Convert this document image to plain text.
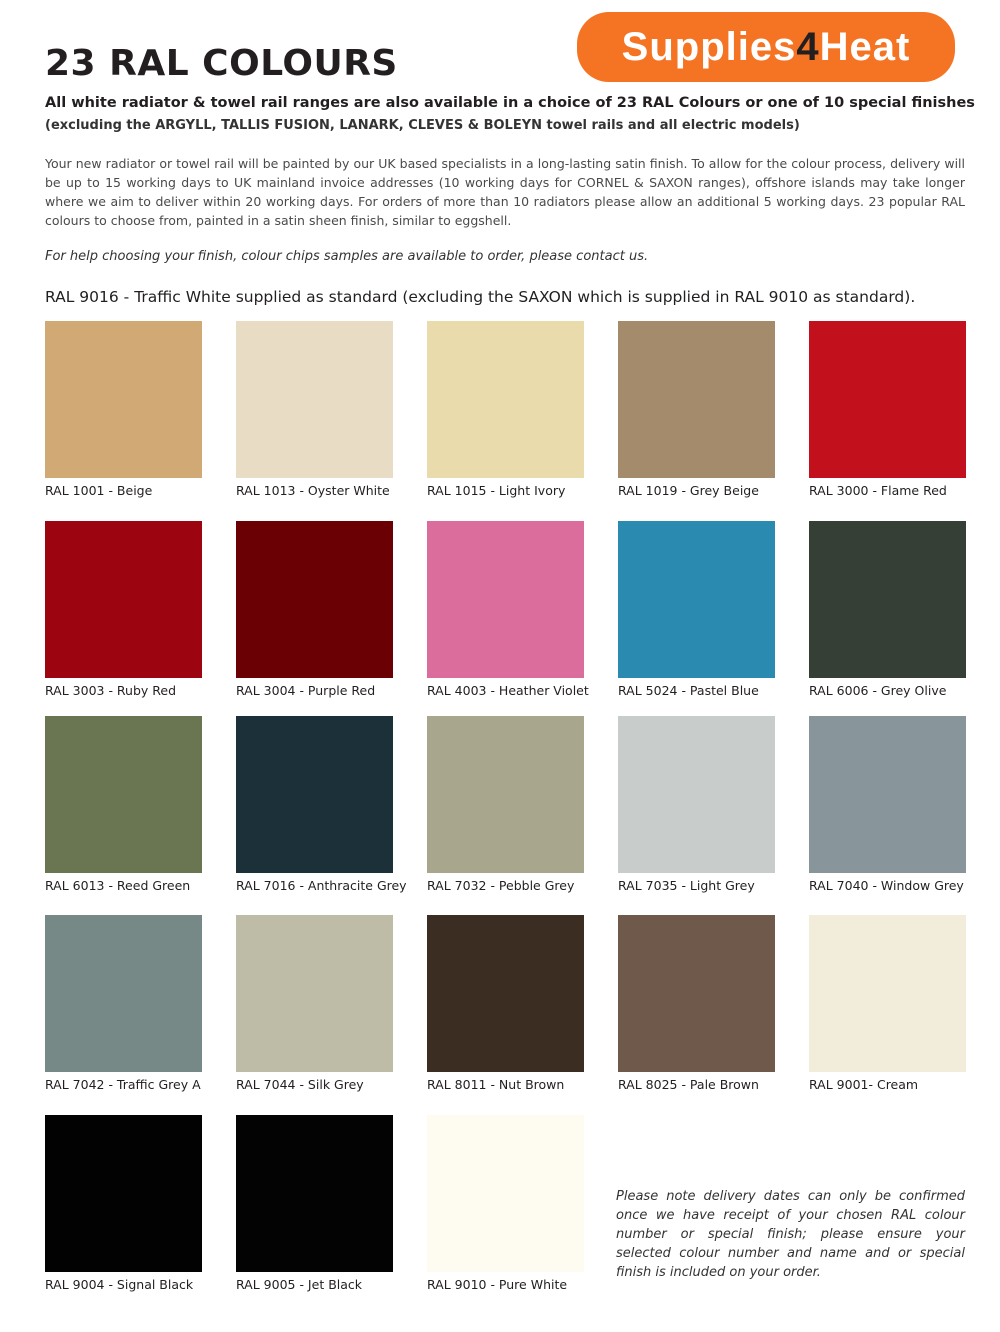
23 RAL COLOURS	Supplies4Heat

All white radiator & towel rail ranges are also available in a choice of 23 RAL Colours or one of 10 special finishes

(excluding the ARGYLL, TALLIS FUSION, LANARK, CLEVES & BOLEYN towel rails and all electric models)

Your new radiator or towel rail will be painted by our UK based specialists in a long-lasting satin finish. To allow for the colour process, delivery will be up to 15 working days to UK mainland invoice addresses (10 working days for CORNEL & SAXON ranges), offshore islands may take longer where we aim to deliver within 20 working days. For orders of more than 10 radiators please allow an additional 5 working days. 23 popular RAL colours to choose from, painted in a satin sheen finish, similar to eggshell.

For help choosing your finish, colour chips samples are available to order, please contact us.

RAL 9016 - Traffic White supplied as standard (excluding the SAXON which is supplied in RAL 9010 as standard).

RAL 1001 - Beige	RAL 1013 - Oyster White	RAL 1015 - Light Ivory	RAL 1019 - Grey Beige	RAL 3000 - Flame Red
RAL 3003 - Ruby Red	RAL 3004 - Purple Red	RAL 4003 - Heather Violet RAL 5024 - Pastel Blue	RAL 6006 - Grey Olive
RAL 6013 - Reed Green	RAL 7016 - Anthracite Grey RAL 7032 - Pebble Grey	RAL 7035 - Light Grey	RAL 7040 - Window Grey
RAL 7042 - Traffic Grey A	RAL 7044 - Silk Grey	RAL 8011 - Nut Brown	RAL 8025 - Pale Brown	RAL 9001- Cream
RAL 9004 - Signal Black	RAL 9005 - Jet Black	RAL 9010 - Pure White

Please note delivery dates can only be confirmed once we have receipt of your chosen RAL colour number or special finish; please ensure your selected colour number and name and or special finish is included on your order.
